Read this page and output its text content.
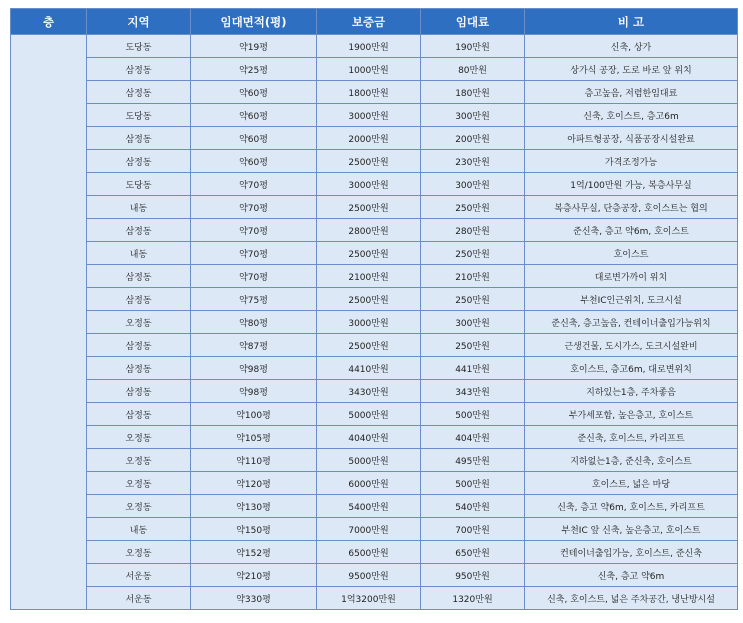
층	지역	임대면적(평)	보증금	임대료	비 고
	도당동	약19평	1900만원	190만원	신축, 상가
	삼정동	약25평	1000만원	80만원	상가식 공장, 도로 바로 앞 위치
	삼정동	약60평	1800만원	180만원	층고높음, 저렴한임대료
	도당동	약60평	3000만원	300만원	신축, 호이스트, 층고6m
	삼정동	약60평	2000만원	200만원	아파트형공장, 식품공장시설완료
	삼정동	약60평	2500만원	230만원	가격조정가능
	도당동	약70평	3000만원	300만원	1억/100만원 가능, 복층사무실
	내동	약70평	2500만원	250만원	복층사무실, 단층공장, 호이스트는 협의
	삼정동	약70평	2800만원	280만원	준신축, 층고 약6m, 호이스트
	내동	약70평	2500만원	250만원	호이스트
	삼정동	약70평	2100만원	210만원	대로변가까이 위치
	삼정동	약75평	2500만원	250만원	부천IC인근위치, 도크시설
	오정동	약80평	3000만원	300만원	준신축, 층고높음, 컨테이너출입가능위치
	삼정동	약87평	2500만원	250만원	근생건물, 도시가스, 도크시설완비
	삼정동	약98평	4410만원	441만원	호이스트, 층고6m, 대로변위치
	삼정동	약98평	3430만원	343만원	지하있는1층, 주차좋음
	삼정동	약100평	5000만원	500만원	부가세포함, 높은층고, 호이스트
	오정동	약105평	4040만원	404만원	준신축, 호이스트, 카리프트
	오정동	약110평	5000만원	495만원	지하없는1층, 준신축, 호이스트
	오정동	약120평	6000만원	500만원	호이스트, 넓은 마당
	오정동	약130평	5400만원	540만원	신축, 층고 약6m, 호이스트, 카리프트
	내동	약150평	7000만원	700만원	부천IC 앞 신축, 높은층고, 호이스트
	오정동	약152평	6500만원	650만원	컨테이너출입가능, 호이스트, 준신축
	서운동	약210평	9500만원	950만원	신축, 층고 약6m
	서운동	약330평	1억3200만원	1320만원	신축, 호이스트, 넓은 주차공간, 냉난방시설
